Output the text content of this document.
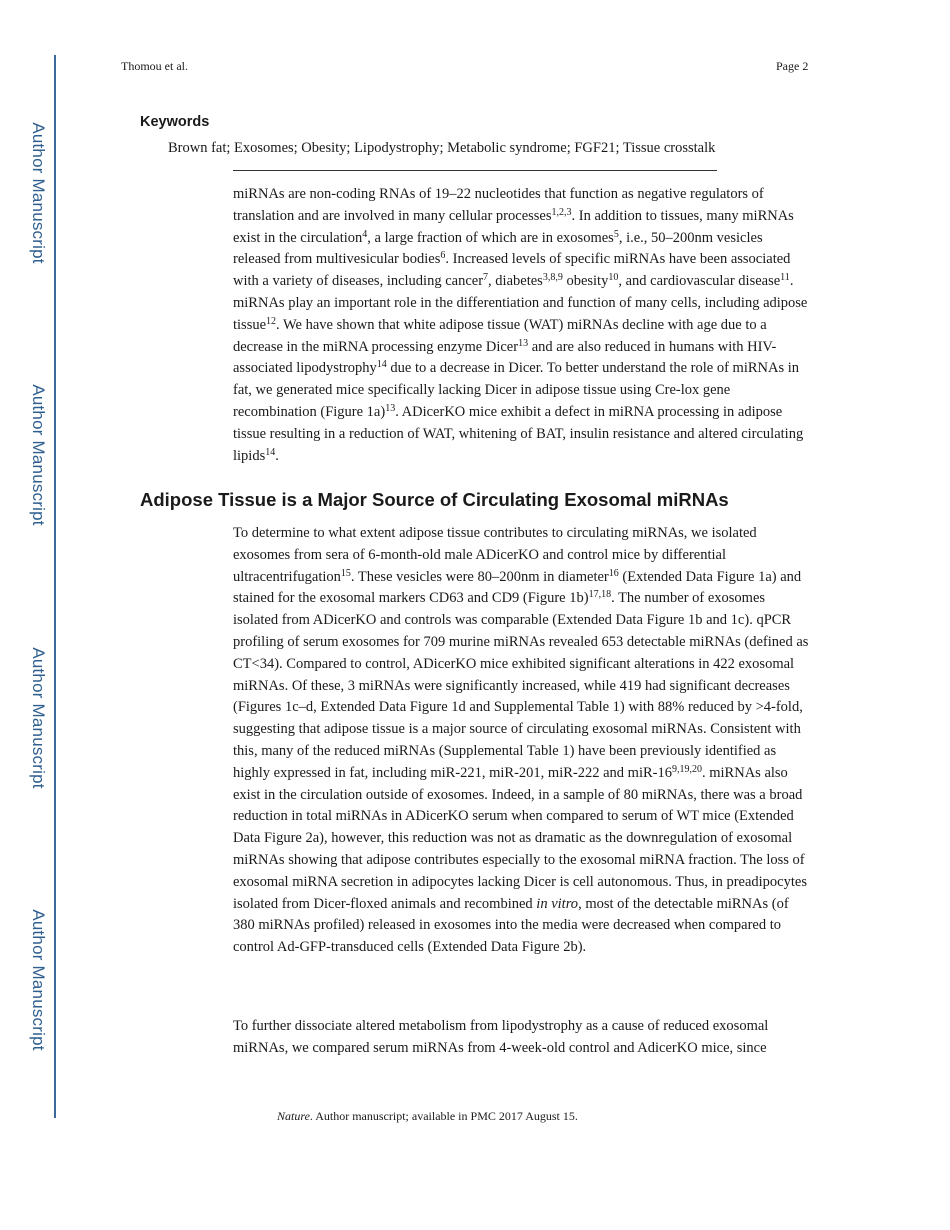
Author Manuscript
Author Manuscript
Author Manuscript
Author Manuscript
Thomou et al.	Page 2
Keywords
Brown fat; Exosomes; Obesity; Lipodystrophy; Metabolic syndrome; FGF21; Tissue crosstalk

miRNAs are non-coding RNAs of 19–22 nucleotides that function as negative regulators of translation and are involved in many cellular processes$^{1,2,3}$. In addition to tissues, many miRNAs exist in the circulation$^4$, a large fraction of which are in exosomes$^5$, i.e., 50–200nm vesicles released from multivesicular bodies$^6$. Increased levels of specific miRNAs have been associated with a variety of diseases, including cancer$^7$, diabetes$^{3,8,9}$ obesity$^{10}$, and cardiovascular disease$^{11}$. miRNAs play an important role in the differentiation and function of many cells, including adipose tissue$^{12}$. We have shown that white adipose tissue (WAT) miRNAs decline with age due to a decrease in the miRNA processing enzyme Dicer$^{13}$ and are also reduced in humans with HIV-associated lipodystrophy$^{14}$ due to a decrease in Dicer. To better understand the role of miRNAs in fat, we generated mice specifically lacking Dicer in adipose tissue using Cre-lox gene recombination (Figure 1a)$^{13}$. ADicerKO mice exhibit a defect in miRNA processing in adipose tissue resulting in a reduction of WAT, whitening of BAT, insulin resistance and altered circulating lipids$^{14}$.

Adipose Tissue is a Major Source of Circulating Exosomal miRNAs

To determine to what extent adipose tissue contributes to circulating miRNAs, we isolated exosomes from sera of 6-month-old male ADicerKO and control mice by differential ultracentrifugation$^{15}$. These vesicles were 80–200nm in diameter$^{16}$ (Extended Data Figure 1a) and stained for the exosomal markers CD63 and CD9 (Figure 1b)$^{17,18}$. The number of exosomes isolated from ADicerKO and controls was comparable (Extended Data Figure 1b and 1c). qPCR profiling of serum exosomes for 709 murine miRNAs revealed 653 detectable miRNAs (defined as CT<34). Compared to control, ADicerKO mice exhibited significant alterations in 422 exosomal miRNAs. Of these, 3 miRNAs were significantly increased, while 419 had significant decreases (Figures 1c–d, Extended Data Figure 1d and Supplemental Table 1) with 88% reduced by >4-fold, suggesting that adipose tissue is a major source of circulating exosomal miRNAs. Consistent with this, many of the reduced miRNAs (Supplemental Table 1) have been previously identified as highly expressed in fat, including miR-221, miR-201, miR-222 and miR-16$^{9,19,20}$. miRNAs also exist in the circulation outside of exosomes. Indeed, in a sample of 80 miRNAs, there was a broad reduction in total miRNAs in ADicerKO serum when compared to serum of WT mice (Extended Data Figure 2a), however, this reduction was not as dramatic as the downregulation of exosomal miRNAs showing that adipose contributes especially to the exosomal miRNA fraction. The loss of exosomal miRNA secretion in adipocytes lacking Dicer is cell autonomous. Thus, in preadipocytes isolated from Dicer-floxed animals and recombined in vitro, most of the detectable miRNAs (of 380 miRNAs profiled) released in exosomes into the media were decreased when compared to control Ad-GFP-transduced cells (Extended Data Figure 2b).

To further dissociate altered metabolism from lipodystrophy as a cause of reduced exosomal miRNAs, we compared serum miRNAs from 4-week-old control and AdicerKO mice, since

Nature. Author manuscript; available in PMC 2017 August 15.
